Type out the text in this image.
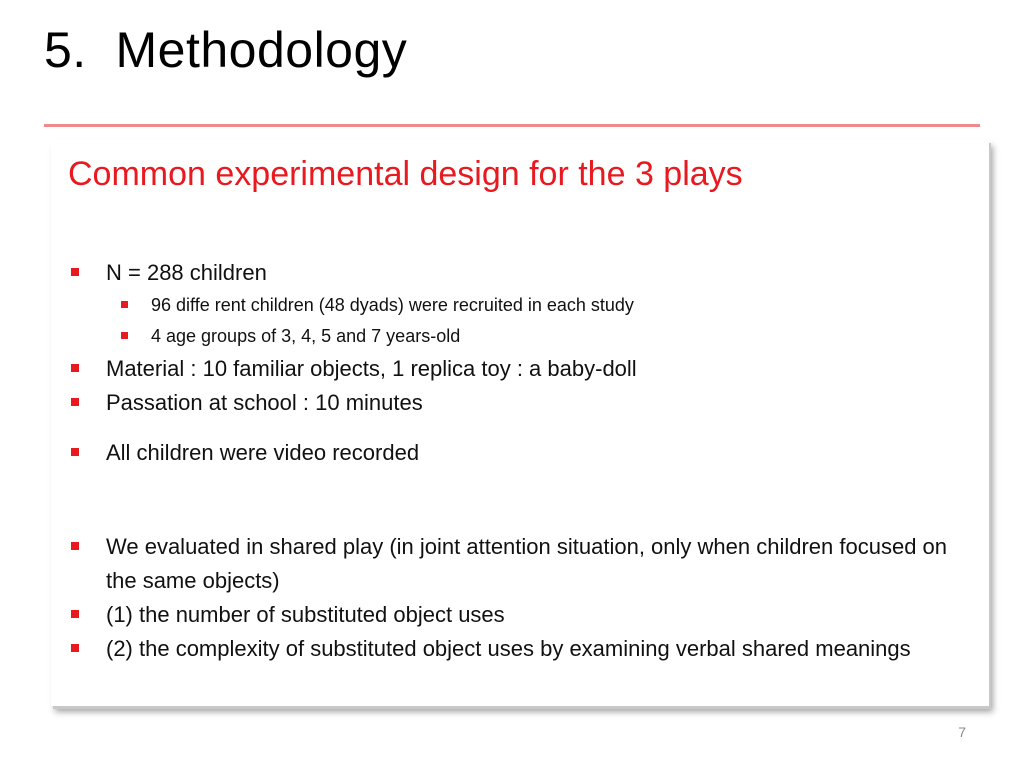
5.  Methodology
Common experimental design for the 3 plays
N = 288 children
96 diffe rent children (48 dyads) were recruited in each study
4 age groups of 3, 4, 5 and 7 years-old
Material : 10 familiar objects, 1 replica toy : a baby-doll
Passation at school : 10 minutes
All children were video recorded
We evaluated in shared play (in joint attention situation, only when children focused on the same objects)
(1) the number of substituted object uses
(2) the complexity of substituted object uses by examining verbal shared meanings
7
